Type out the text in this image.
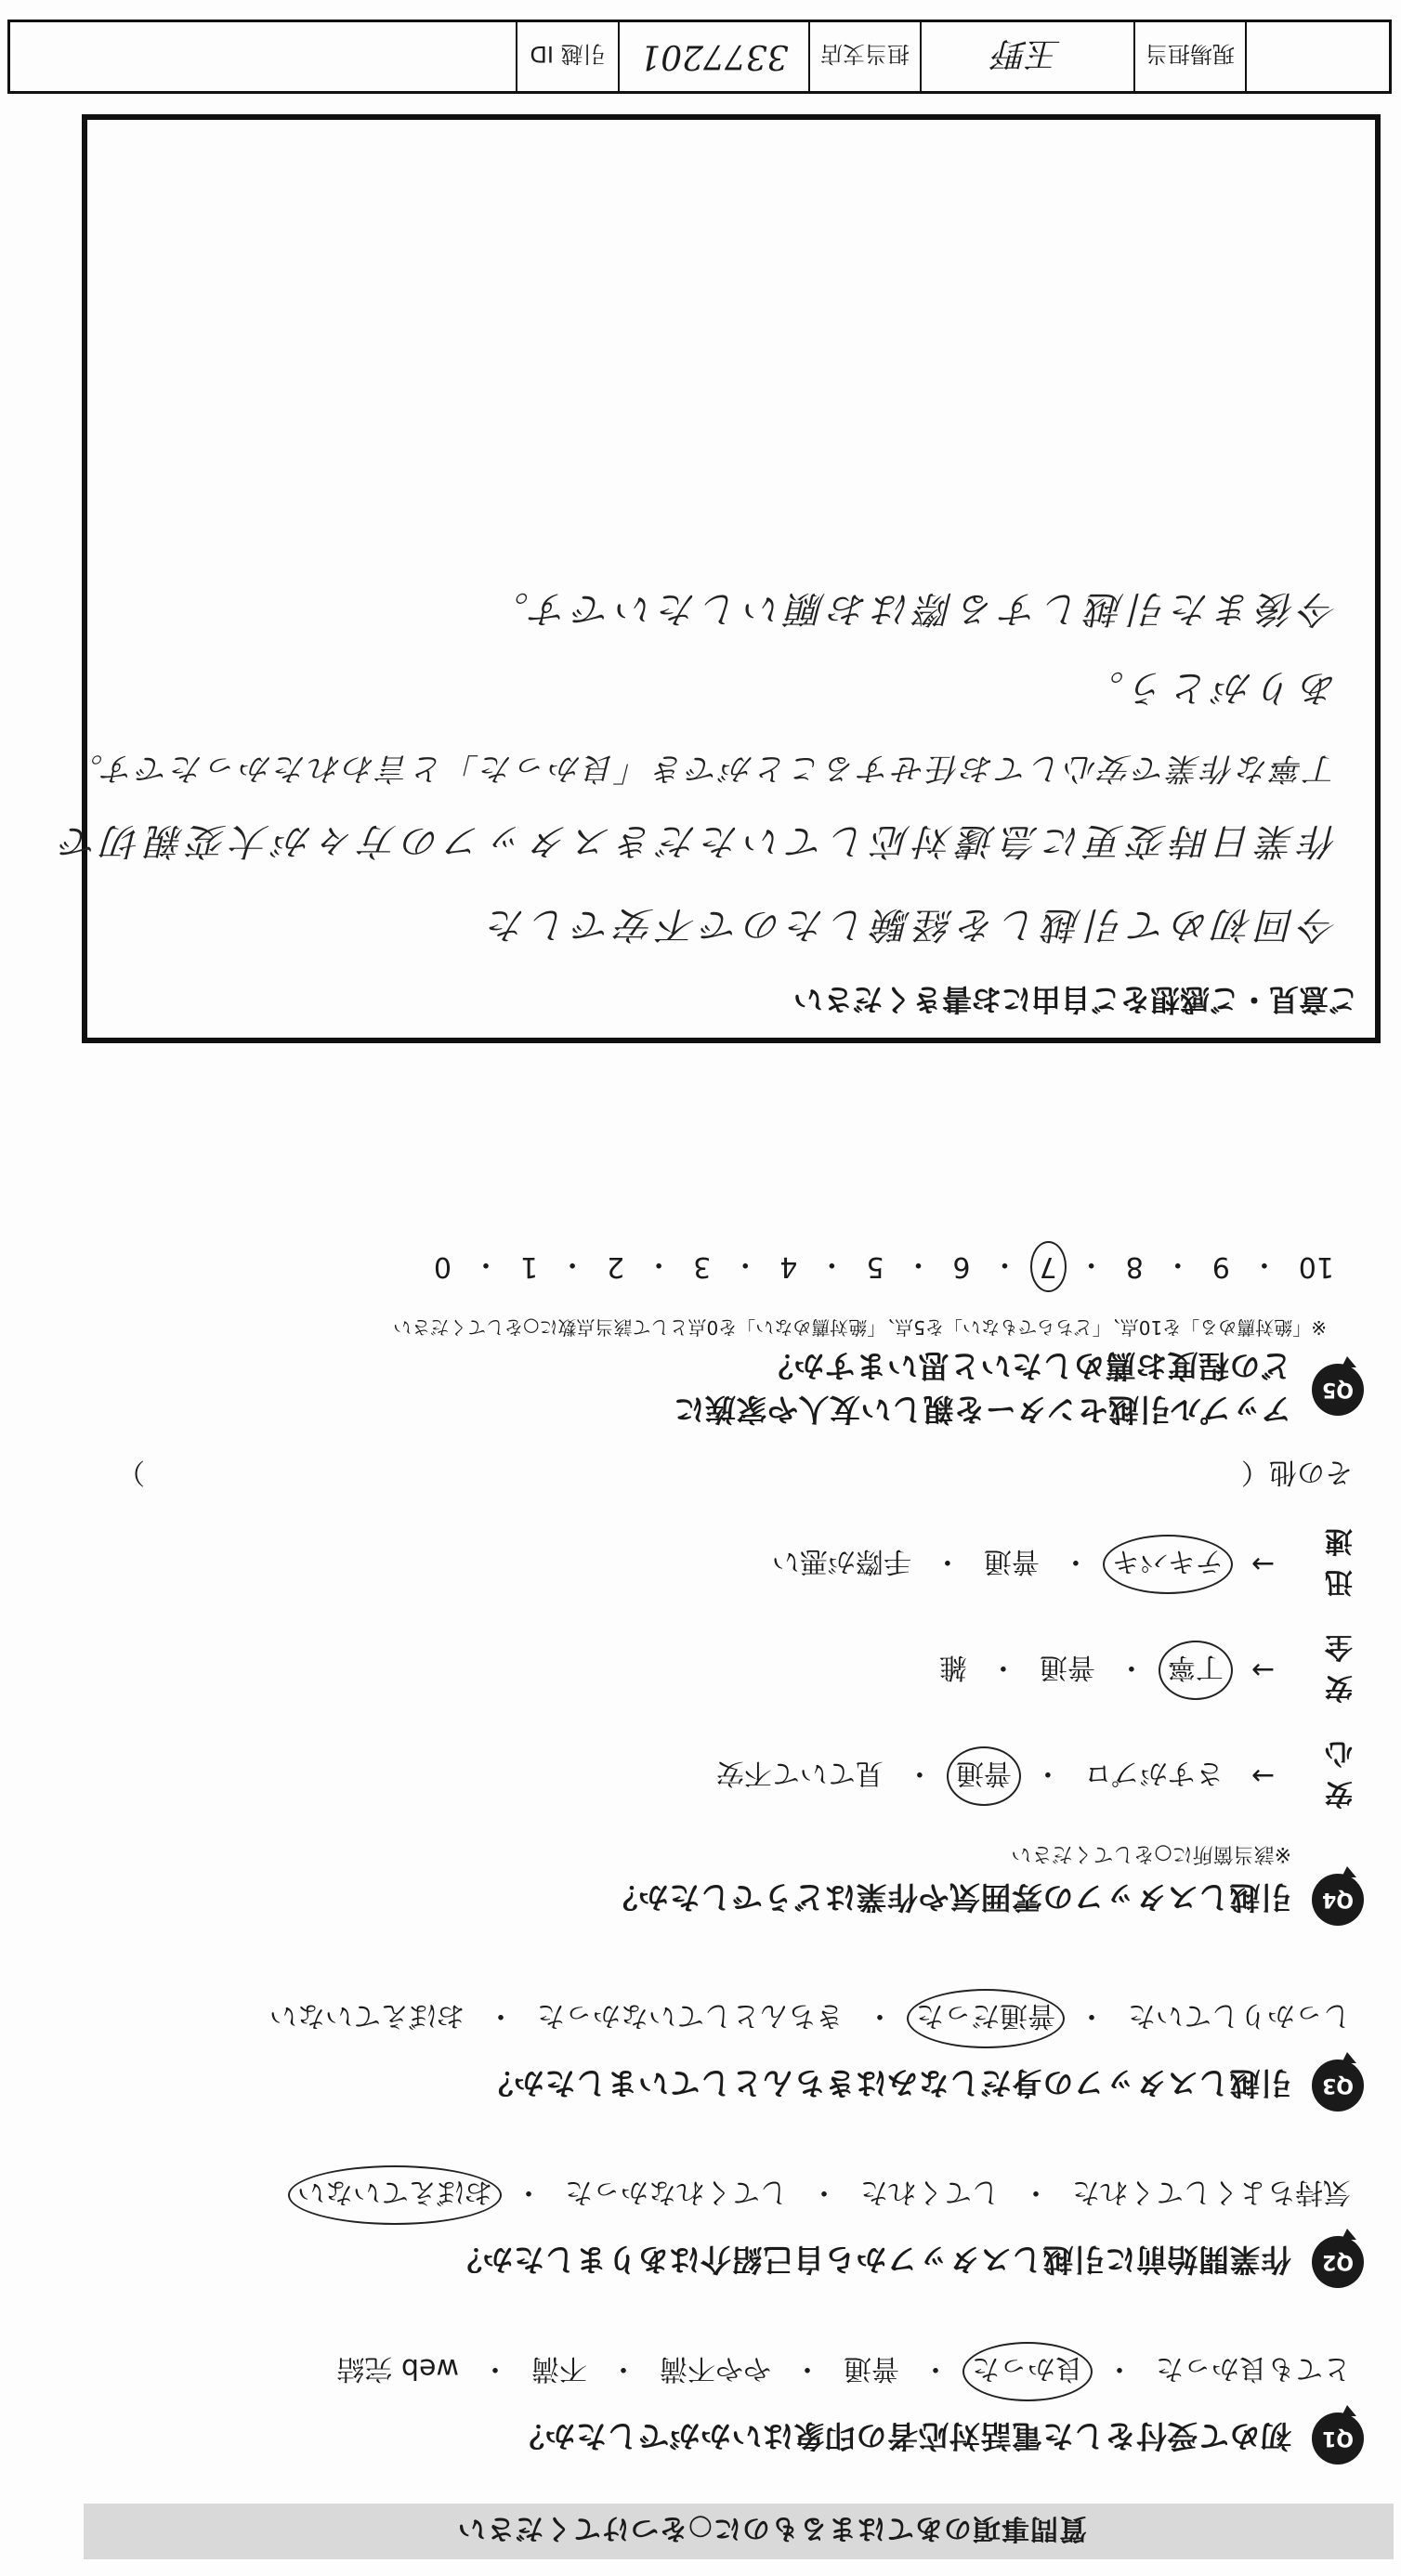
質問事項のあてはまるものに○をつけてください
Q1
初めて受付をした電話対応者の印象はいかがでしたか？
とても良かった
・
良かった
・
普通
・
やや不満
・
不満
・
web 完結
Q2
作業開始前に引越しスタッフから自己紹介はありましたか？
気持ちよくしてくれた
・
してくれた
・
してくれなかった
・
おぼえていない
Q3
引越しスタッフの身だしなみはきちんとしていましたか？
しっかりしていた
・
普通だった
・
きちんとしていなかった
・
おぼえていない
Q4
引越しスタッフの雰囲気や作業はどうでしたか？
※該当箇所に○をしてください
安心
→
さすがプロ
・
普通
・
見ていて不安
安全
→
丁寧
・
普通
・
雑
迅速
→
テキパキ
・
普通
・
手際が悪い
その他（
）
Q5
アップル引越センターを親しい友人や家族に
どの程度お薦めしたいと思いますか？
※「絶対薦める」を10点、「どちらでもない」を5点、「絶対薦めない」を0点として該当点数に○をしてください
10
・
9
・
8
・
7
・
6
・
5
・
4
・
3
・
2
・
1
・
0
ご意見・ご感想をご自由にお書きください
今回初めて引越しを経験したので不安でした
作業日時変更に急遽対応していただきスタッフの方々が大変親切で
丁寧な作業で安心してお任せすることができ「良かった」と言われたかったです。
ありがとう。
今後また引越しする際はお願いしたいです。
現場担当
玉野
担当支店
3377201
引越 ID
